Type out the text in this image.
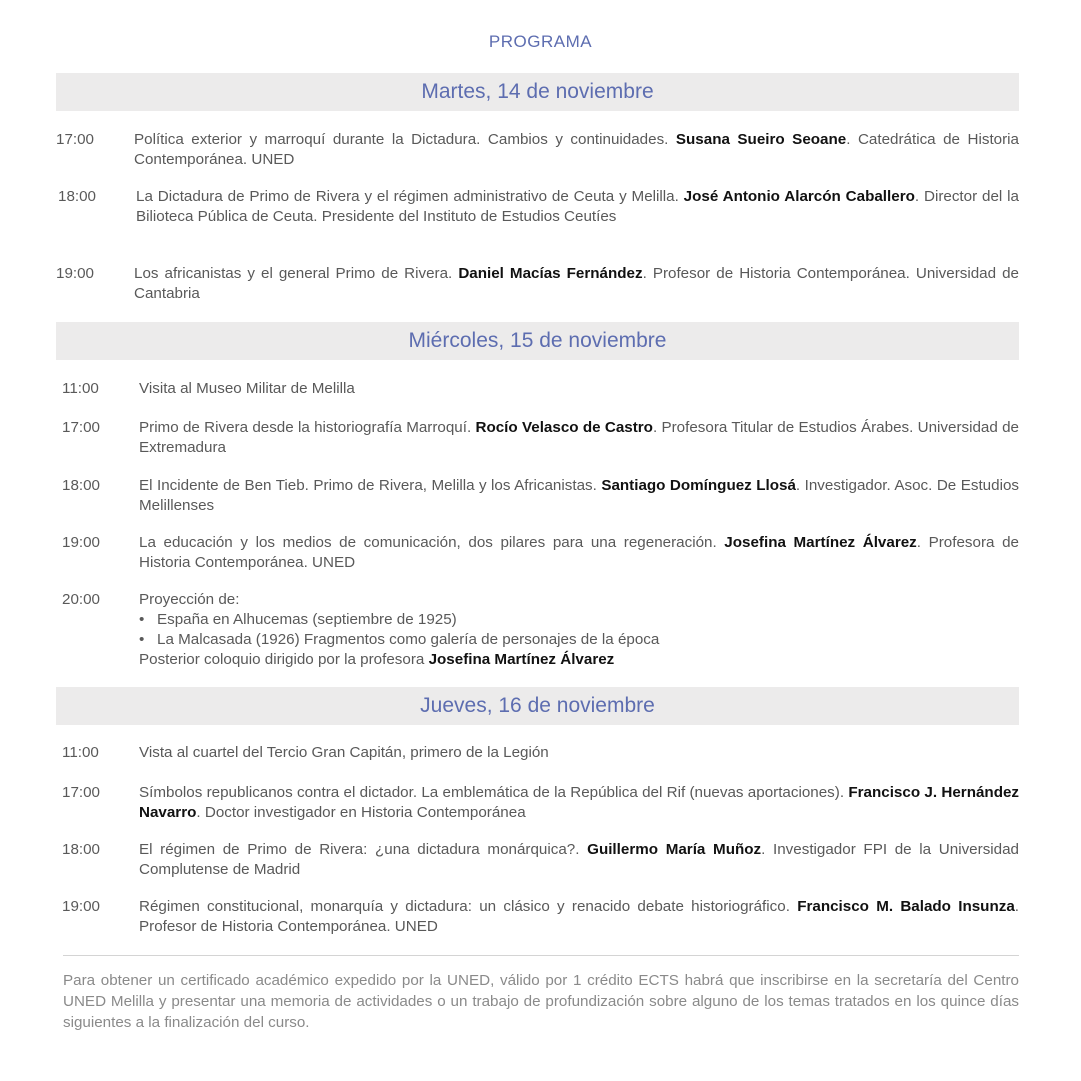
PROGRAMA
Martes, 14 de noviembre
17:00	Política exterior y marroquí durante la Dictadura. Cambios y continuidades. Susana Sueiro Seoane. Catedrática de Historia Contemporánea. UNED
18:00	La Dictadura de Primo de Rivera y el régimen administrativo de Ceuta y Melilla. José Antonio Alarcón Caballero. Director del la Bilioteca Pública de Ceuta. Presidente del Instituto de Estudios Ceutíes
19:00	Los africanistas y el general Primo de Rivera. Daniel Macías Fernández. Profesor de Historia Contemporánea. Universidad de Cantabria
Miércoles, 15 de noviembre
11:00	Visita al Museo Militar de Melilla
17:00	Primo de Rivera desde la historiografía Marroquí. Rocío Velasco de Castro. Profesora Titular de Estudios Árabes. Universidad de Extremadura
18:00	El Incidente de Ben Tieb. Primo de Rivera, Melilla y los Africanistas. Santiago Domínguez Llosá. Investigador. Asoc. De Estudios Melillenses
19:00	La educación y los medios de comunicación, dos pilares para una regeneración. Josefina Martínez Álvarez. Profesora de Historia Contemporánea. UNED
20:00	Proyección de:
• España en Alhucemas (septiembre de 1925)
• La Malcasada (1926) Fragmentos como galería de personajes de la época
Posterior coloquio dirigido por la profesora Josefina Martínez Álvarez
Jueves, 16 de noviembre
11:00	Vista al cuartel del Tercio Gran Capitán, primero de la Legión
17:00	Símbolos republicanos contra el dictador. La emblemática de la República del Rif (nuevas aportaciones). Francisco J. Hernández Navarro. Doctor investigador en Historia Contemporánea
18:00	El régimen de Primo de Rivera: ¿una dictadura monárquica?. Guillermo María Muñoz. Investigador FPI de la Universidad Complutense de Madrid
19:00	Régimen constitucional, monarquía y dictadura: un clásico y renacido debate historiográfico. Francisco M. Balado Insunza. Profesor de Historia Contemporánea. UNED
Para obtener un certificado académico expedido por la UNED, válido por 1 crédito ECTS habrá que inscribirse en la secretaría del Centro UNED Melilla y presentar una memoria de actividades o un trabajo de profundización sobre alguno de los temas tratados en los quince días siguientes a la finalización del curso.
